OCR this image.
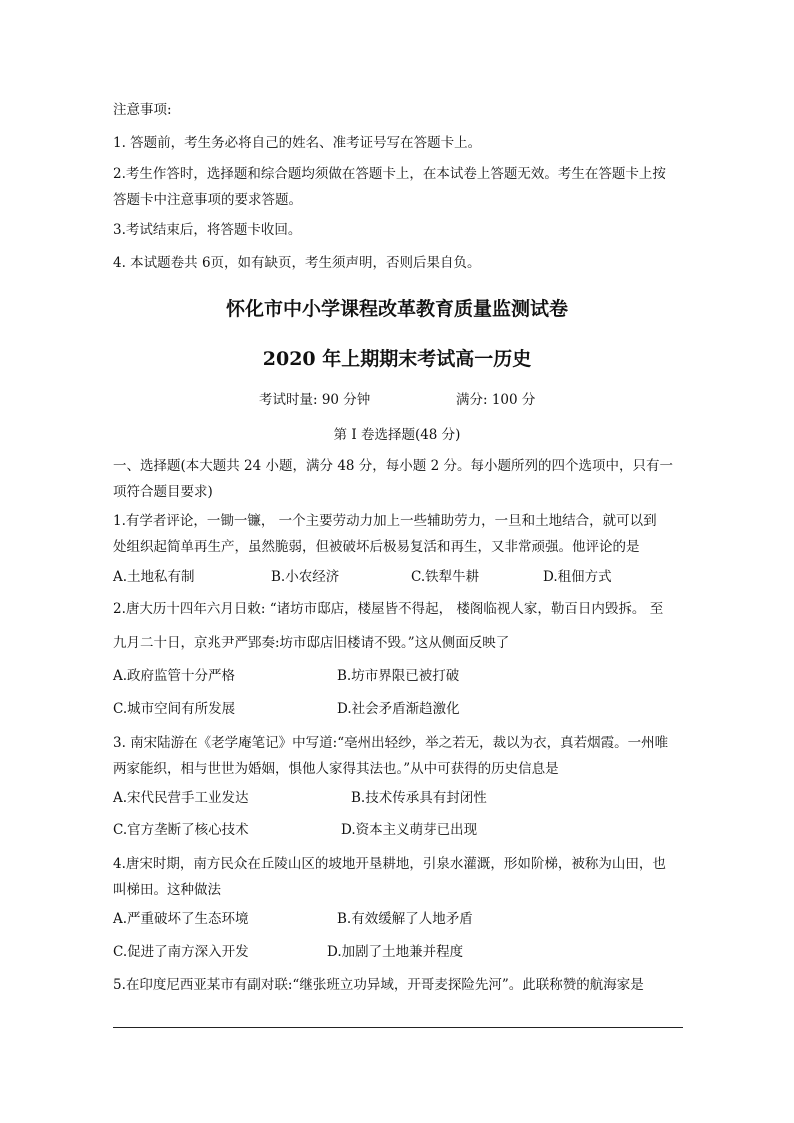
注意事项:
1. 答题前，考生务必将自己的姓名、准考证号写在答题卡上。
2.考生作答时，选择题和综合题均须做在答题卡上，在本试卷上答题无效。考生在答题卡上按
答题卡中注意事项的要求答题。
3.考试结束后，将答题卡收回。
4. 本试题卷共 6页，如有缺页，考生须声明，否则后果自负。
怀化市中小学课程改革教育质量监测试卷
2020 年上期期末考试高一历史
考试时量: 90 分钟	满分: 100 分
第 I 卷选择题(48 分)
一、选择题(本大题共 24 小题，满分 48 分，每小题 2 分。每小题所列的四个选项中，只有一
项符合题目要求)
1.有学者评论，一锄一镰， 一个主要劳动力加上一些辅助劳力，一旦和土地结合，就可以到
处组织起简单再生产，虽然脆弱，但被破坏后极易复活和再生，又非常顽强。他评论的是
A.土地私有制	B.小农经济	C.铁犁牛耕	D.租佃方式
2.唐大历十四年六月日敕: “诸坊市邸店，楼屋皆不得起， 楼阁临视人家，勒百日内毁拆。 至
九月二十日，京兆尹严郢奏:坊市邸店旧楼请不毁。”这从侧面反映了
A.政府监管十分严格	B.坊市界限已被打破
C.城市空间有所发展	D.社会矛盾渐趋激化
3. 南宋陆游在《老学庵笔记》中写道:“亳州出轻纱，举之若无，裁以为衣，真若烟霞。一州唯
两家能织，相与世世为婚姻，惧他人家得其法也。”从中可获得的历史信息是
A.宋代民营手工业发达	B.技术传承具有封闭性
C.官方垄断了核心技术	D.资本主义萌芽已出现
4.唐宋时期，南方民众在丘陵山区的坡地开垦耕地，引泉水灌溉，形如阶梯，被称为山田，也
叫梯田。这种做法
A.严重破坏了生态环境	B.有效缓解了人地矛盾
C.促进了南方深入开发	D.加剧了土地兼并程度
5.在印度尼西亚某市有副对联:“继张班立功异域，开哥麦探险先河”。此联称赞的航海家是
